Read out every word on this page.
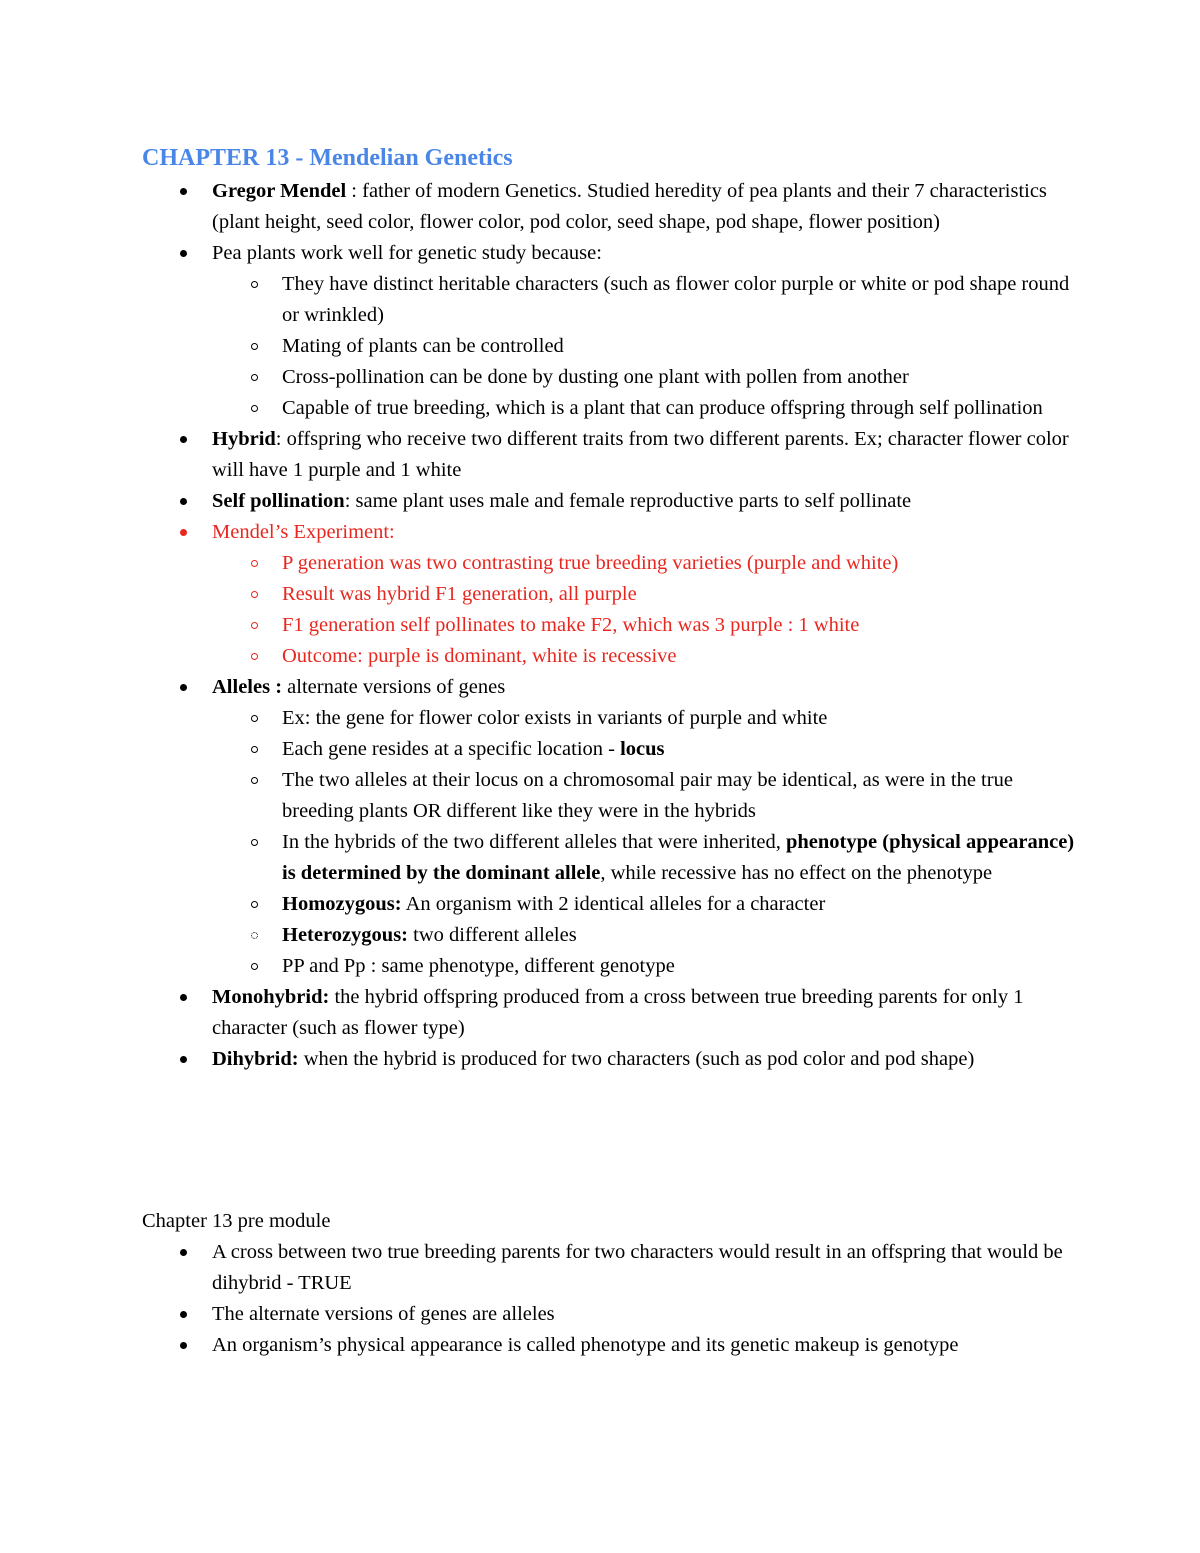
CHAPTER 13 - Mendelian Genetics
Gregor Mendel : father of modern Genetics. Studied heredity of pea plants and their 7 characteristics (plant height, seed color, flower color, pod color, seed shape, pod shape, flower position)
Pea plants work well for genetic study because:
They have distinct heritable characters (such as flower color purple or white or pod shape round or wrinkled)
Mating of plants can be controlled
Cross-pollination can be done by dusting one plant with pollen from another
Capable of true breeding, which is a plant that can produce offspring through self pollination
Hybrid: offspring who receive two different traits from two different parents. Ex; character flower color will have 1 purple and 1 white
Self pollination: same plant uses male and female reproductive parts to self pollinate
Mendel’s Experiment:
P generation was two contrasting true breeding varieties (purple and white)
Result was hybrid F1 generation, all purple
F1 generation self pollinates to make F2, which was 3 purple : 1 white
Outcome: purple is dominant, white is recessive
Alleles : alternate versions of genes
Ex: the gene for flower color exists in variants of purple and white
Each gene resides at a specific location - locus
The two alleles at their locus on a chromosomal pair may be identical, as were in the true breeding plants OR different like they were in the hybrids
In the hybrids of the two different alleles that were inherited, phenotype (physical appearance) is determined by the dominant allele, while recessive has no effect on the phenotype
Homozygous: An organism with 2 identical alleles for a character
Heterozygous: two different alleles
PP and Pp : same phenotype, different genotype
Monohybrid: the hybrid offspring produced from a cross between true breeding parents for only 1 character (such as flower type)
Dihybrid: when the hybrid is produced for two characters (such as pod color and pod shape)
Chapter 13 pre module
A cross between two true breeding parents for two characters would result in an offspring that would be dihybrid - TRUE
The alternate versions of genes are alleles
An organism’s physical appearance is called phenotype and its genetic makeup is genotype
